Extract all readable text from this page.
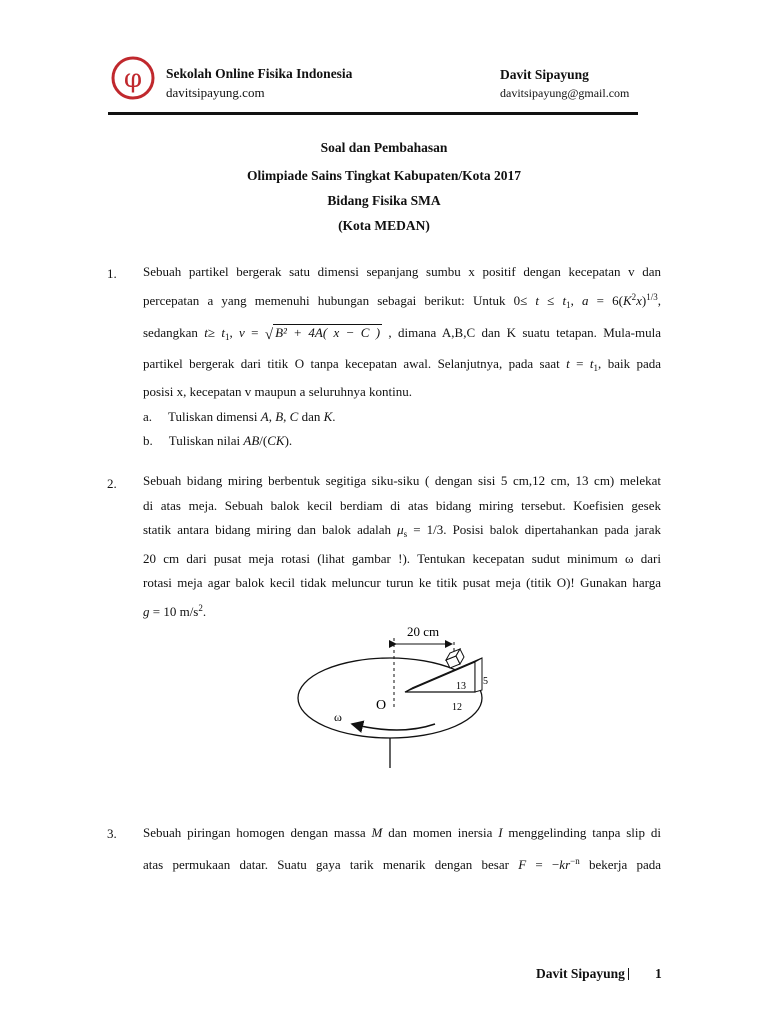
φ Sekolah Online Fisika Indonesia
davitsipayung.com
Davit Sipayung
davitsipayung@gmail.com
Soal dan Pembahasan
Olimpiade Sains Tingkat Kabupaten/Kota 2017
Bidang Fisika SMA
(Kota MEDAN)
1. Sebuah partikel bergerak satu dimensi sepanjang sumbu x positif dengan kecepatan v dan
percepatan a yang memenuhi hubungan sebagai berikut: Untuk $0\le t \le t_1$, $a = 6(K^2x)^{1/3}$,
sedangkan $t\ge t_1$, v = √ B² + 4A( x − C ) , dimana A,B,C dan K suatu tetapan. Mula-mula
partikel bergerak dari titik O tanpa kecepatan awal. Selanjutnya, pada saat $t = t_1$, baik pada
posisi x, kecepatan v maupun a seluruhnya kontinu.
a. Tuliskan dimensi A, B, C dan K.
b. Tuliskan nilai AB/(CK).
2. Sebuah bidang miring berbentuk segitiga siku-siku ( dengan sisi 5 cm,12 cm, 13 cm) melekat
di atas meja. Sebuah balok kecil berdiam di atas bidang miring tersebut. Koefisien gesek
statik antara bidang miring dan balok adalah $\mu_s = 1/3$. Posisi balok dipertahankan pada jarak
20 cm dari pusat meja rotasi (lihat gambar !). Tentukan kecepatan sudut minimum ω dari
rotasi meja agar balok kecil tidak meluncur turun ke titik pusat meja (titik O)! Gunakan harga
g = 10 $m/s^2$.
20 cm
13 5
12
O
ω
3. Sebuah piringan homogen dengan massa M dan momen inersia I menggelinding tanpa slip di
atas permukaan datar. Suatu gaya tarik menarik dengan besar $F = -kr^{-n}$ bekerja pada
Davit Sipayung 1
